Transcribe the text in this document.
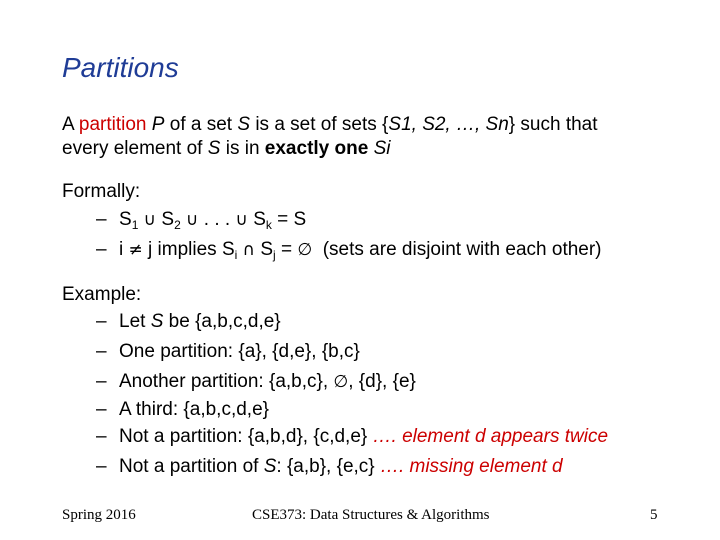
Partitions
A partition P of a set S is a set of sets {S1, S2, …, Sn} such that
every element of S is in exactly one Si
Formally:
– $S_1$ ∪ $S_2$ ∪ . . . ∪ $S_k = S$
– i ≠ j implies $S_i$ ∩ $S_j$ = ∅ (sets are disjoint with each other)
Example:
– Let S be {a,b,c,d,e}
– One partition: {a}, {d,e}, {b,c}
– Another partition: {a,b,c}, ∅, {d}, {e}
– A third: {a,b,c,d,e}
– Not a partition: {a,b,d}, {c,d,e} …. element d appears twice
– Not a partition of S: {a,b}, {e,c} …. missing element d
Spring 2016	CSE373: Data Structures & Algorithms	5
